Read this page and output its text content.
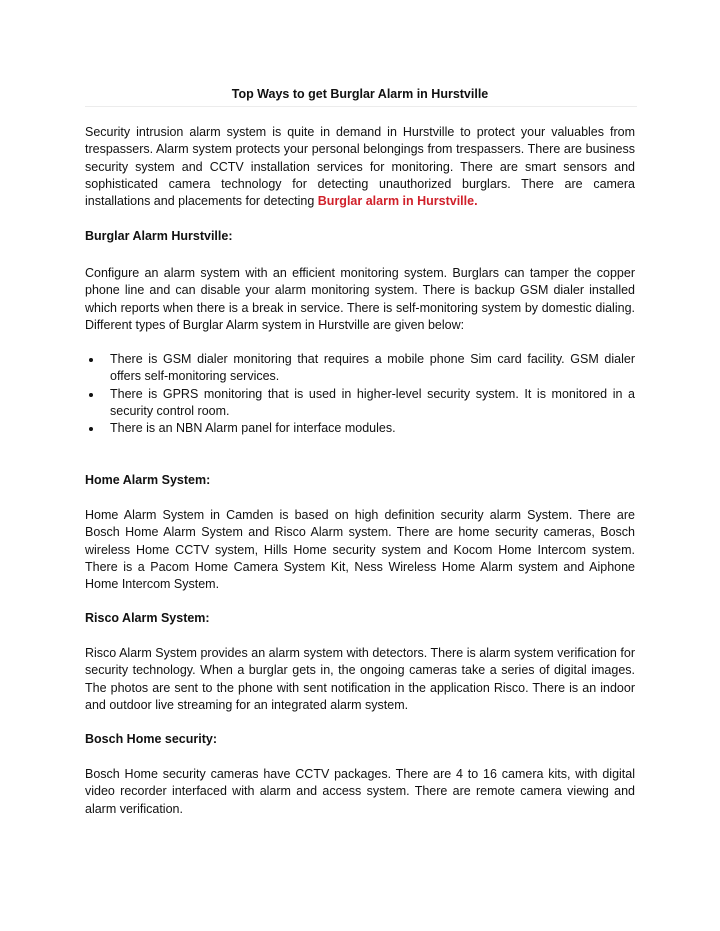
Top Ways to get Burglar Alarm in Hurstville

Security intrusion alarm system is quite in demand in Hurstville to protect your valuables from trespassers. Alarm system protects your personal belongings from trespassers. There are business security system and CCTV installation services for monitoring. There are smart sensors and sophisticated camera technology for detecting unauthorized burglars. There are camera installations and placements for detecting Burglar alarm in Hurstville.

Burglar Alarm Hurstville:

Configure an alarm system with an efficient monitoring system. Burglars can tamper the copper phone line and can disable your alarm monitoring system. There is backup GSM dialer installed which reports when there is a break in service. There is self-monitoring system by domestic dialing. Different types of Burglar Alarm system in Hurstville are given below:

There is GSM dialer monitoring that requires a mobile phone Sim card facility. GSM dialer offers self-monitoring services.
There is GPRS monitoring that is used in higher-level security system. It is monitored in a security control room.
There is an NBN Alarm panel for interface modules.
Home Alarm System:

Home Alarm System in Camden is based on high definition security alarm System. There are Bosch Home Alarm System and Risco Alarm system. There are home security cameras, Bosch wireless Home CCTV system, Hills Home security system and Kocom Home Intercom system. There is a Pacom Home Camera System Kit, Ness Wireless Home Alarm system and Aiphone Home Intercom System.

Risco Alarm System:

Risco Alarm System provides an alarm system with detectors. There is alarm system verification for security technology. When a burglar gets in, the ongoing cameras take a series of digital images. The photos are sent to the phone with sent notification in the application Risco. There is an indoor and outdoor live streaming for an integrated alarm system.

Bosch Home security:

Bosch Home security cameras have CCTV packages. There are 4 to 16 camera kits, with digital video recorder interfaced with alarm and access system. There are remote camera viewing and alarm verification.
